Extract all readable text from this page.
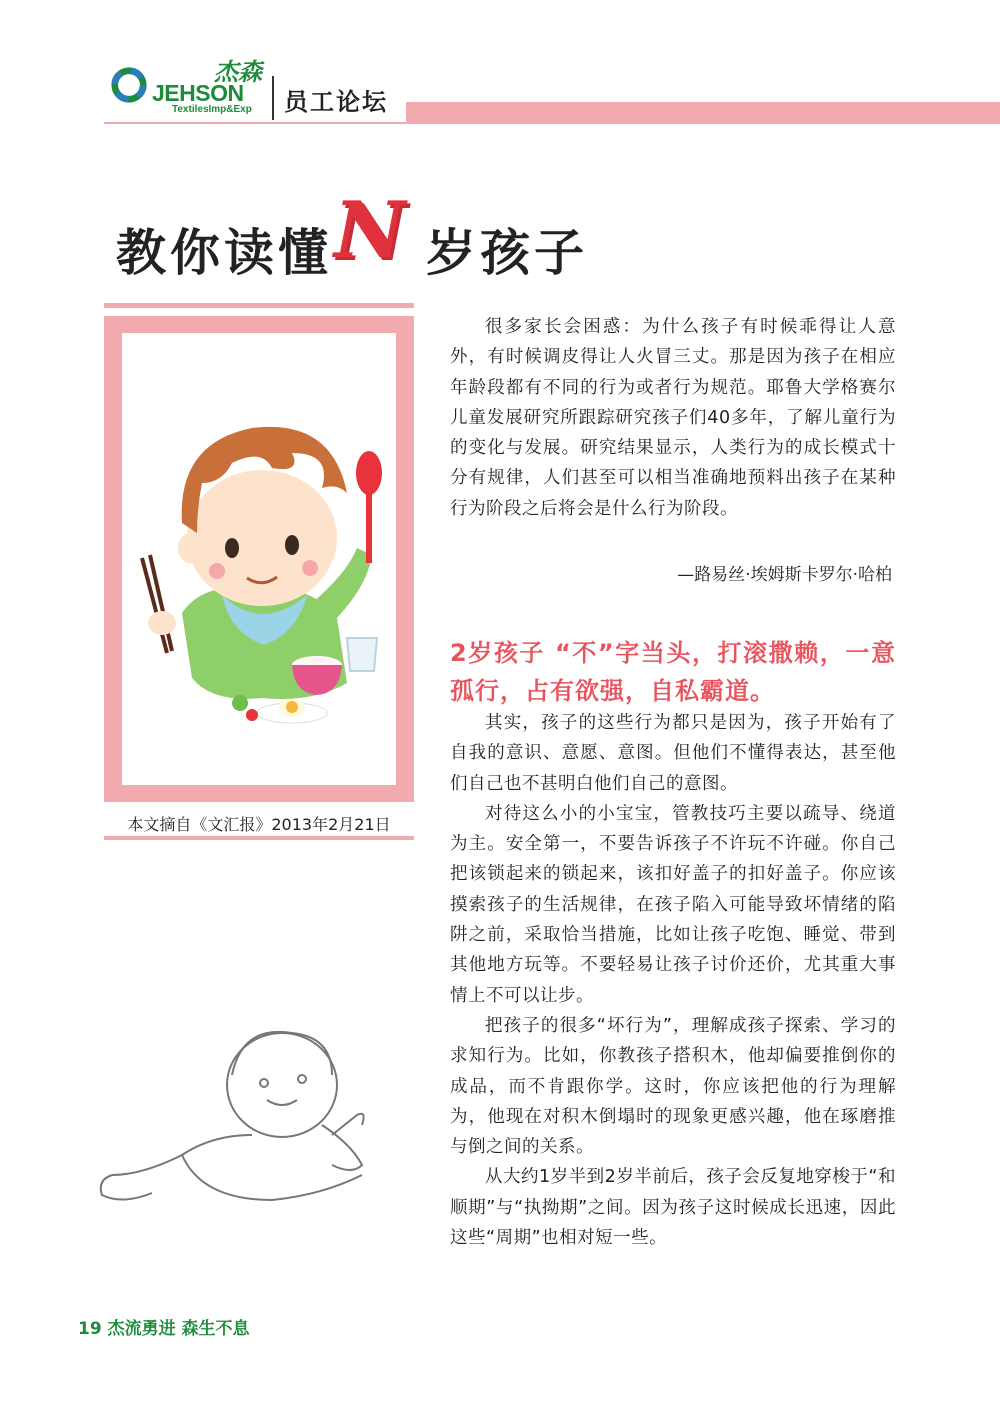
JEHSON
杰森
TextilesImp&Exp 员工论坛
教你读懂 N 岁孩子
本文摘自《文汇报》2013年2月21日

很多家长会困惑：为什么孩子有时候乖得让人意外，有时候调皮得让人火冒三丈。那是因为孩子在相应年龄段都有不同的行为或者行为规范。耶鲁大学格赛尔儿童发展研究所跟踪研究孩子们40多年，了解儿童行为的变化与发展。研究结果显示，人类行为的成长模式十分有规律，人们甚至可以相当准确地预料出孩子在某种行为阶段之后将会是什么行为阶段。

—路易丝·埃姆斯卡罗尔·哈柏
2岁孩子 “不”字当头，打滚撒赖，一意孤行，占有欲强，自私霸道。

其实，孩子的这些行为都只是因为，孩子开始有了自我的意识、意愿、意图。但他们不懂得表达，甚至他们自己也不甚明白他们自己的意图。

对待这么小的小宝宝，管教技巧主要以疏导、绕道为主。安全第一，不要告诉孩子不许玩不许碰。你自己把该锁起来的锁起来，该扣好盖子的扣好盖子。你应该摸索孩子的生活规律，在孩子陷入可能导致坏情绪的陷阱之前，采取恰当措施，比如让孩子吃饱、睡觉、带到其他地方玩等。不要轻易让孩子讨价还价，尤其重大事情上不可以让步。

把孩子的很多“坏行为”，理解成孩子探索、学习的求知行为。比如，你教孩子搭积木，他却偏要推倒你的成品，而不肯跟你学。这时，你应该把他的行为理解为，他现在对积木倒塌时的现象更感兴趣，他在琢磨推与倒之间的关系。

从大约1岁半到2岁半前后，孩子会反复地穿梭于“和顺期”与“执拗期”之间。因为孩子这时候成长迅速，因此这些“周期”也相对短一些。

19 杰流勇进 森生不息
